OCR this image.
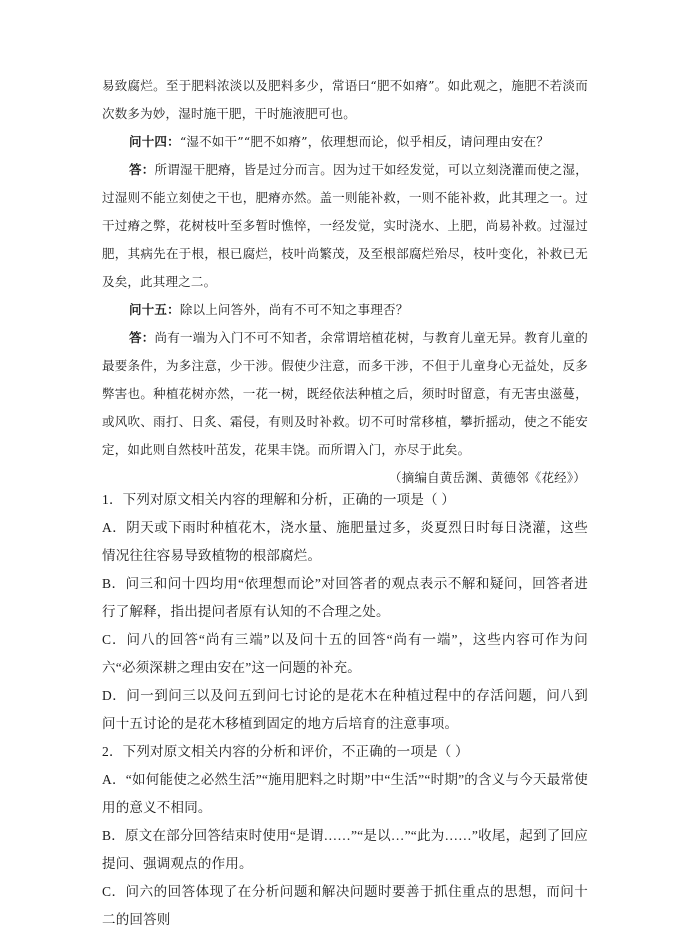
易致腐烂。至于肥料浓淡以及肥料多少，常语曰“肥不如瘠”。如此观之，施肥不若淡而次数多为妙，湿时施干肥，干时施液肥可也。

问十四：“湿不如干”“肥不如瘠”，依理想而论，似乎相反，请问理由安在？

答：所谓湿干肥瘠，皆是过分而言。因为过干如经发觉，可以立刻浇灌而使之湿，过湿则不能立刻使之干也，肥瘠亦然。盖一则能补救，一则不能补救，此其理之一。过干过瘠之弊，花树枝叶至多暂时憔悴，一经发觉，实时浇水、上肥，尚易补救。过湿过肥，其病先在于根，根已腐烂，枝叶尚繁茂，及至根部腐烂殆尽，枝叶变化，补救已无及矣，此其理之二。

问十五：除以上问答外，尚有不可不知之事理否？

答：尚有一端为入门不可不知者，余常谓培植花树，与教育儿童无异。教育儿童的最要条件，为多注意，少干涉。假使少注意，而多干涉，不但于儿童身心无益处，反多弊害也。种植花树亦然，一花一树，既经依法种植之后，须时时留意，有无害虫滋蔓，或风吹、雨打、日炙、霜侵，有则及时补救。切不可时常移植，攀折摇动，使之不能安定，如此则自然枝叶茁发，花果丰饶。而所谓入门，亦尽于此矣。

（摘编自黄岳渊、黄德邻《花经》）

1．下列对原文相关内容的理解和分析，正确的一项是（ ）

A．阴天或下雨时种植花木，浇水量、施肥量过多，炎夏烈日时每日浇灌，这些情况往往容易导致植物的根部腐烂。

B．问三和问十四均用“依理想而论”对回答者的观点表示不解和疑问，回答者进行了解释，指出提问者原有认知的不合理之处。

C．问八的回答“尚有三端”以及问十五的回答“尚有一端”，这些内容可作为问六“必须深耕之理由安在”这一问题的补充。

D．问一到问三以及问五到问七讨论的是花木在种植过程中的存活问题，问八到问十五讨论的是花木移植到固定的地方后培育的注意事项。

2．下列对原文相关内容的分析和评价，不正确的一项是（ ）

A．“如何能使之必然生活”“施用肥料之时期”中“生活”“时期”的含义与今天最常使用的意义不相同。

B．原文在部分回答结束时使用“是谓……”“是以…”“此为……”收尾，起到了回应提问、强调观点的作用。

C．问六的回答体现了在分析问题和解决问题时要善于抓住重点的思想，而问十二的回答则
